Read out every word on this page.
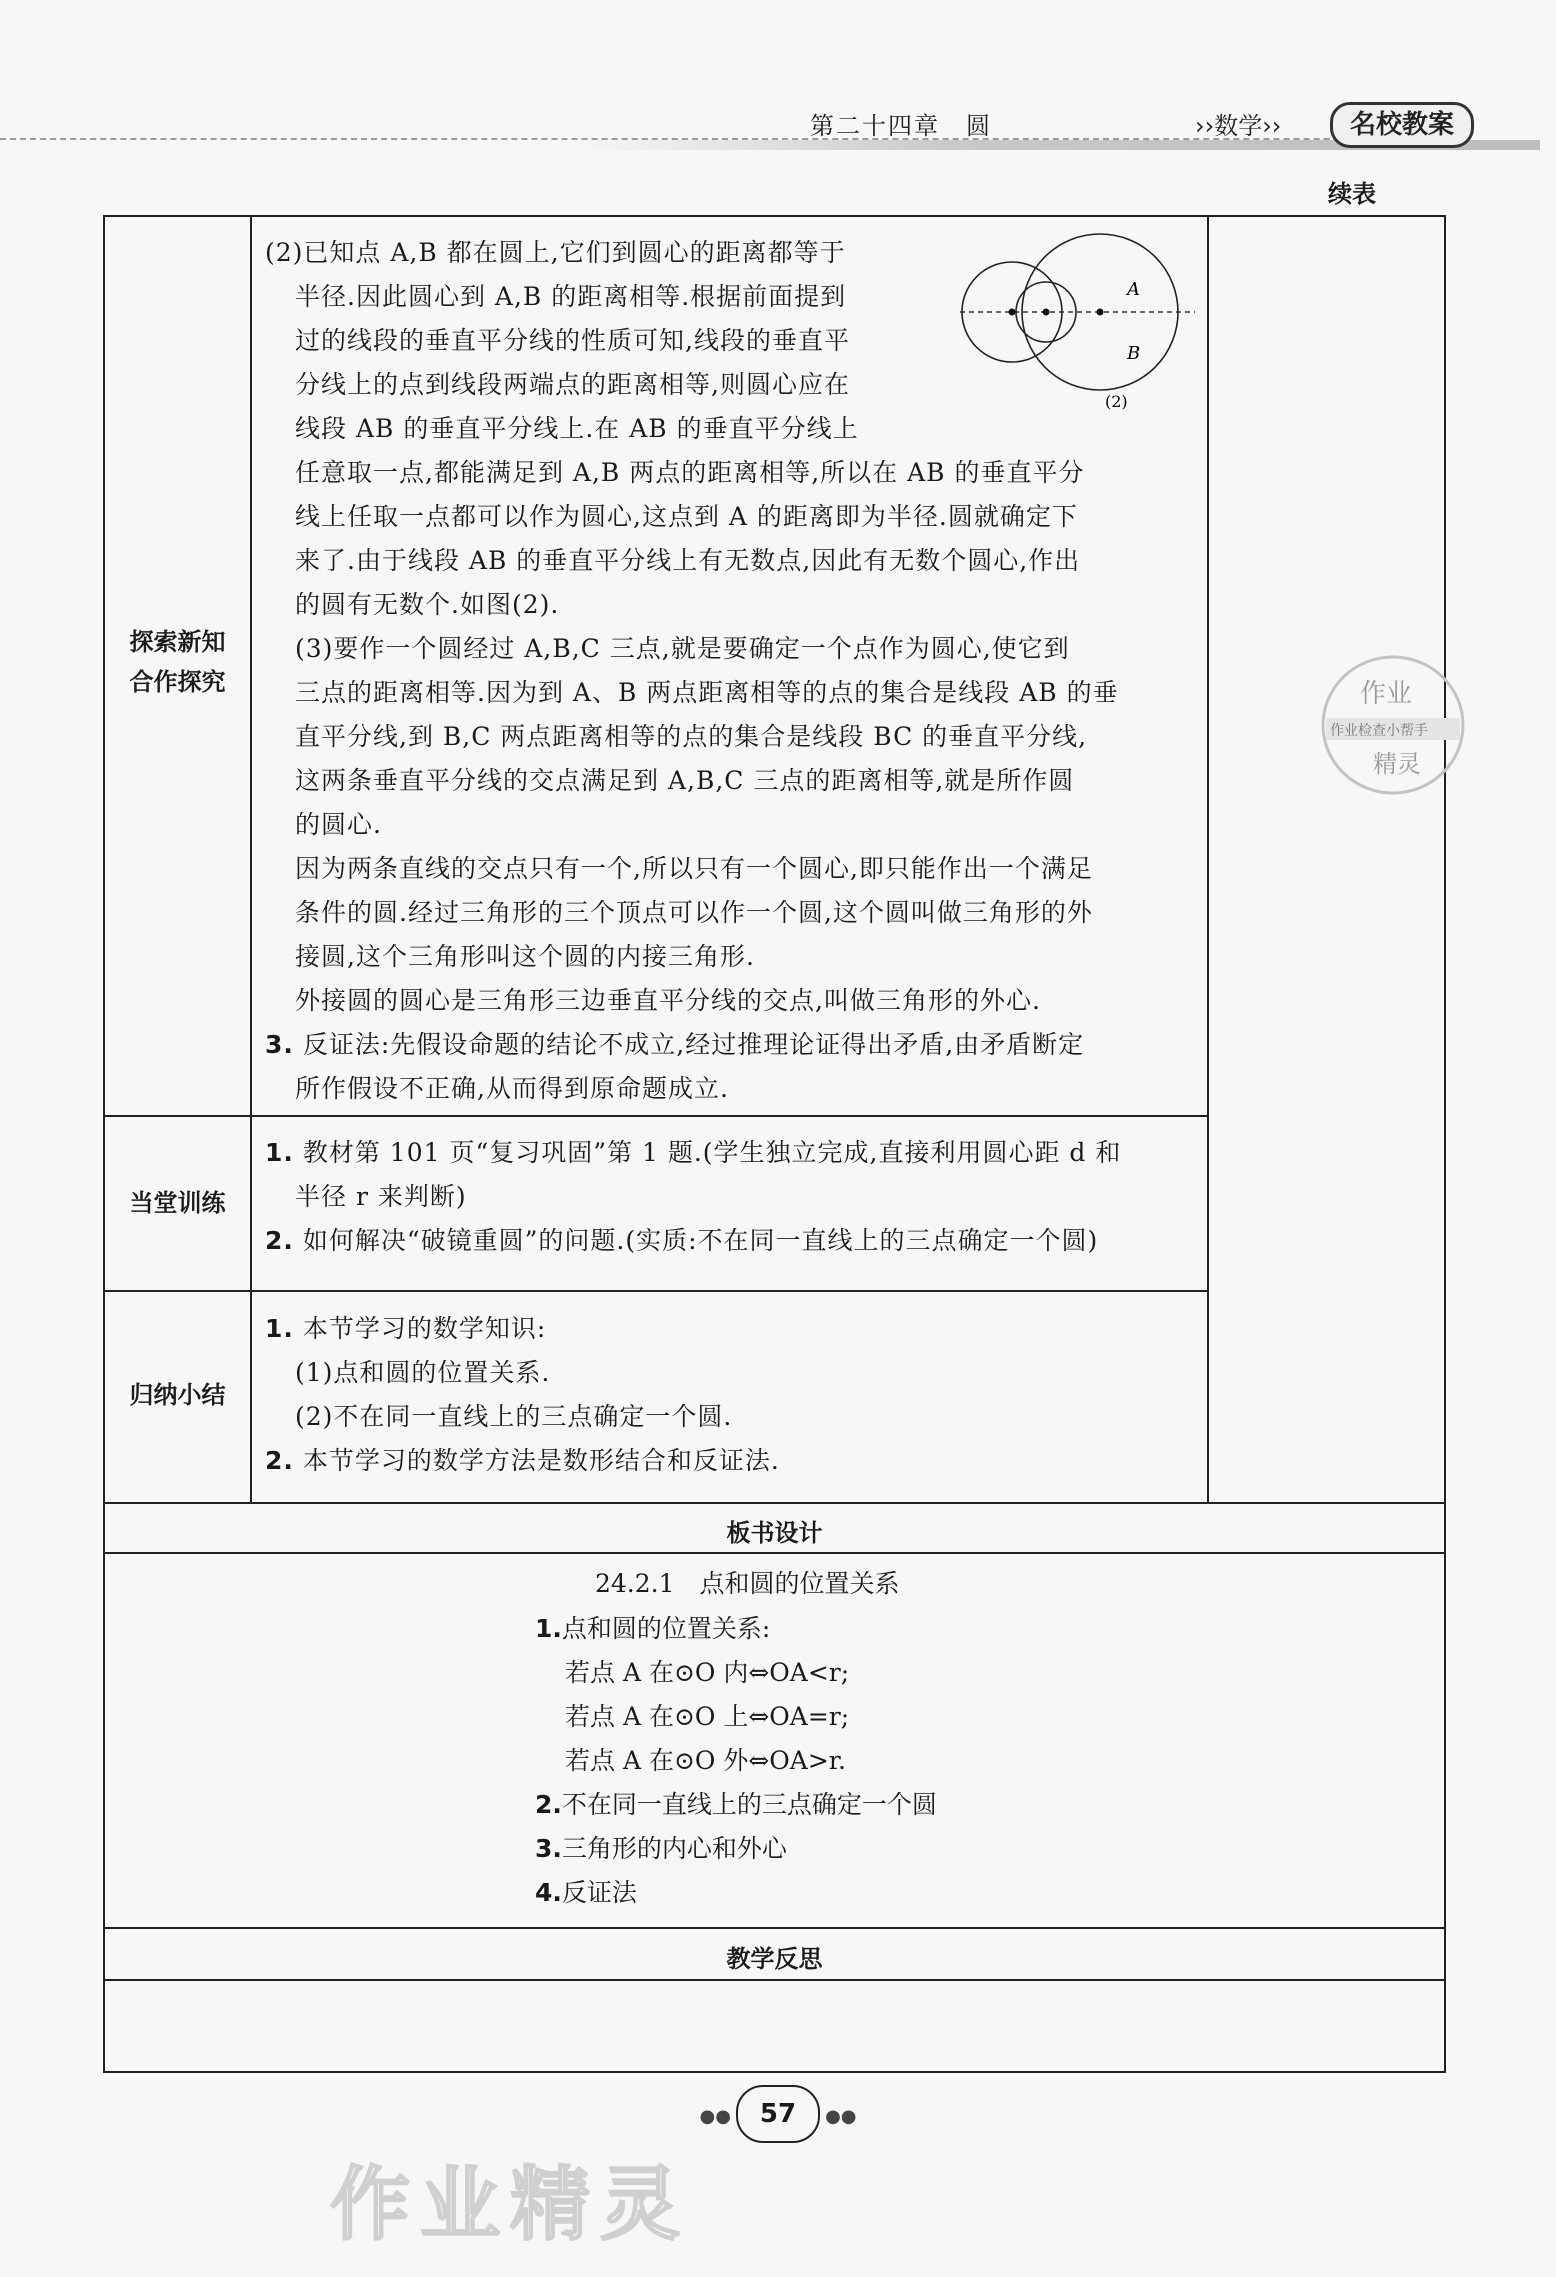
第二十四章　圆	››数学››	名校教案
续表
探索新知
合作探究
(2)已知点 A,B 都在圆上,它们到圆心的距离都等于
半径.因此圆心到 A,B 的距离相等.根据前面提到
过的线段的垂直平分线的性质可知,线段的垂直平
分线上的点到线段两端点的距离相等,则圆心应在
线段 AB 的垂直平分线上.在 AB 的垂直平分线上
任意取一点,都能满足到 A,B 两点的距离相等,所以在 AB 的垂直平分
线上任取一点都可以作为圆心,这点到 A 的距离即为半径.圆就确定下
来了.由于线段 AB 的垂直平分线上有无数点,因此有无数个圆心,作出
的圆有无数个.如图(2).
(3)要作一个圆经过 A,B,C 三点,就是要确定一个点作为圆心,使它到
三点的距离相等.因为到 A、B 两点距离相等的点的集合是线段 AB 的垂
直平分线,到 B,C 两点距离相等的点的集合是线段 BC 的垂直平分线,
这两条垂直平分线的交点满足到 A,B,C 三点的距离相等,就是所作圆
的圆心.
因为两条直线的交点只有一个,所以只有一个圆心,即只能作出一个满足
条件的圆.经过三角形的三个顶点可以作一个圆,这个圆叫做三角形的外
接圆,这个三角形叫这个圆的内接三角形.
外接圆的圆心是三角形三边垂直平分线的交点,叫做三角形的外心.
3. 反证法:先假设命题的结论不成立,经过推理论证得出矛盾,由矛盾断定
所作假设不正确,从而得到原命题成立.
A
B
(2)
当堂训练
1. 教材第 101 页“复习巩固”第 1 题.(学生独立完成,直接利用圆心距 d 和
半径 r 来判断)
2. 如何解决“破镜重圆”的问题.(实质:不在同一直线上的三点确定一个圆)
归纳小结
1. 本节学习的数学知识:
(1)点和圆的位置关系.
(2)不在同一直线上的三点确定一个圆.
2. 本节学习的数学方法是数形结合和反证法.
板书设计
24.2.1　点和圆的位置关系
1.点和圆的位置关系:
若点 A 在⊙O 内⇔OA<r;
若点 A 在⊙O 上⇔OA=r;
若点 A 在⊙O 外⇔OA>r.
2.不在同一直线上的三点确定一个圆
3.三角形的内心和外心
4.反证法
教学反思
作业
作业检查小帮手
精灵
●● 57 ●●
作业精灵
